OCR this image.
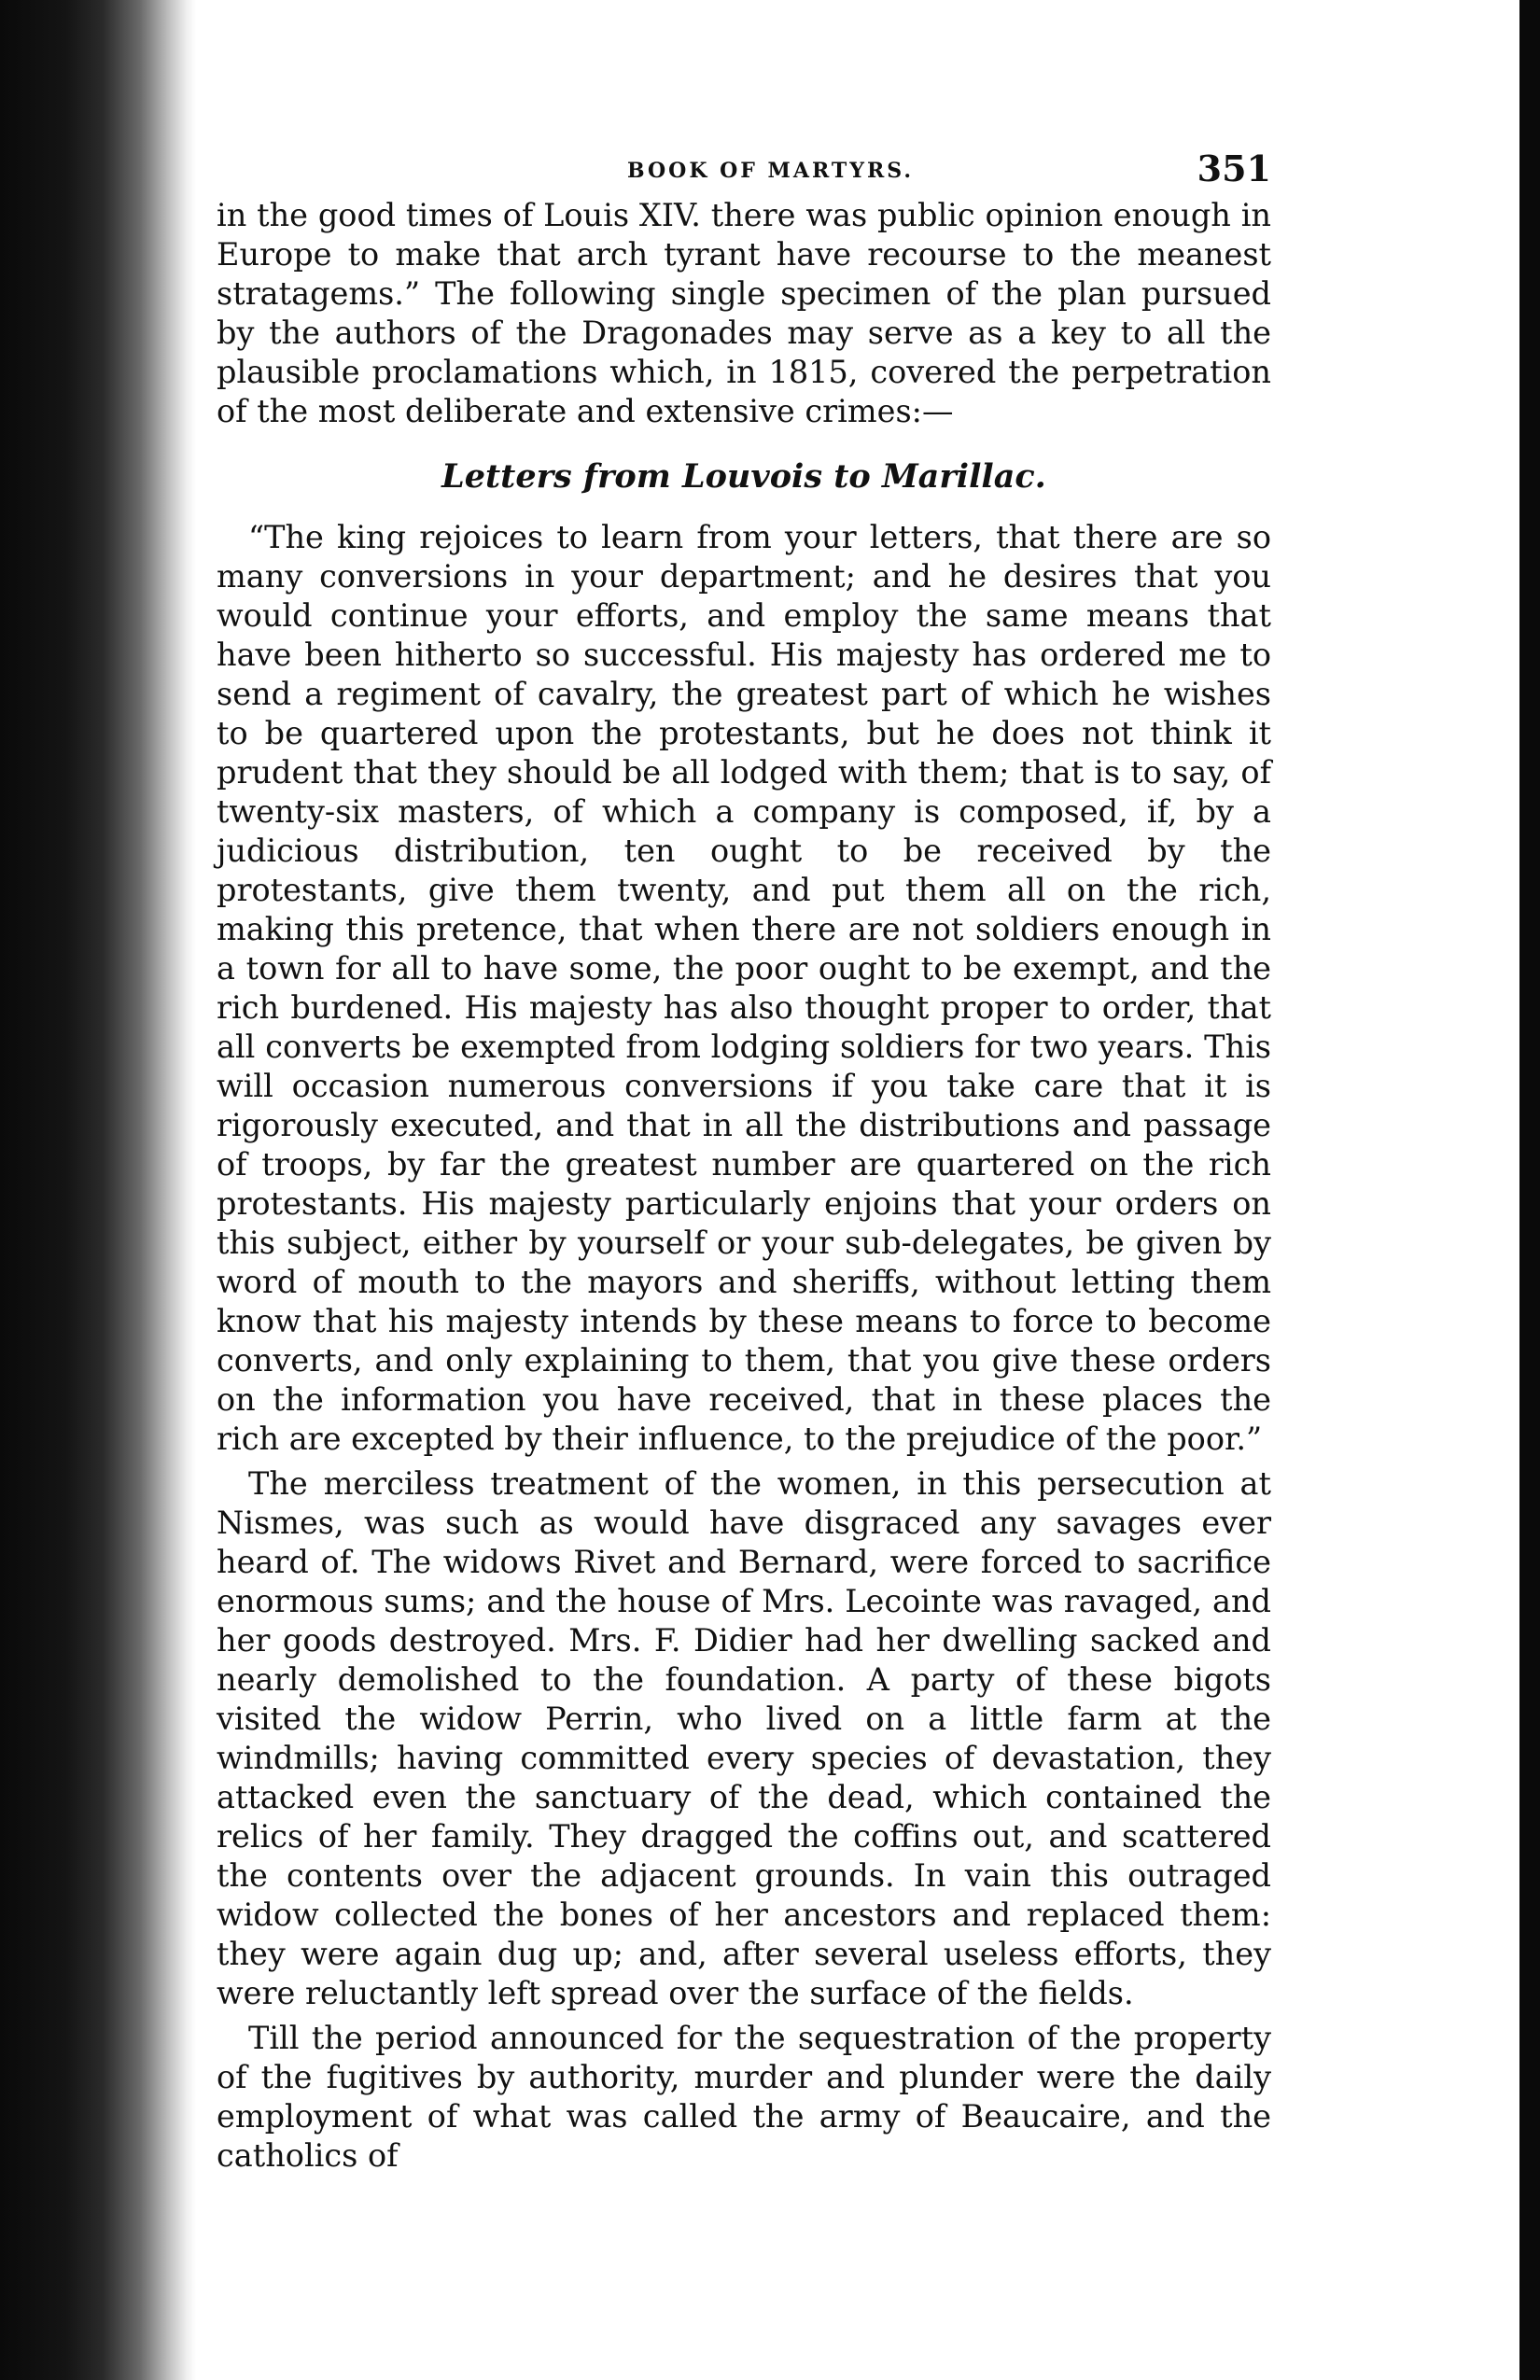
BOOK OF MARTYRS.	351

in the good times of Louis XIV. there was public opinion enough in Europe to make that arch tyrant have recourse to the meanest stratagems.” The following single specimen of the plan pursued by the authors of the Dragonades may serve as a key to all the plausible proclamations which, in 1815, covered the perpetration of the most deliberate and extensive crimes:—

Letters from Louvois to Marillac.

“The king rejoices to learn from your letters, that there are so many conversions in your department; and he desires that you would continue your efforts, and employ the same means that have been hitherto so successful. His majesty has ordered me to send a regiment of cavalry, the greatest part of which he wishes to be quartered upon the protestants, but he does not think it prudent that they should be all lodged with them; that is to say, of twenty-six masters, of which a company is composed, if, by a judicious distribution, ten ought to be received by the protestants, give them twenty, and put them all on the rich, making this pretence, that when there are not soldiers enough in a town for all to have some, the poor ought to be exempt, and the rich burdened. His majesty has also thought proper to order, that all converts be exempted from lodging soldiers for two years. This will occasion numerous conversions if you take care that it is rigorously executed, and that in all the distributions and passage of troops, by far the greatest number are quartered on the rich protestants. His majesty particularly enjoins that your orders on this subject, either by yourself or your sub-delegates, be given by word of mouth to the mayors and sheriffs, without letting them know that his majesty intends by these means to force to become converts, and only explaining to them, that you give these orders on the information you have received, that in these places the rich are excepted by their influence, to the prejudice of the poor.”

The merciless treatment of the women, in this persecution at Nismes, was such as would have disgraced any savages ever heard of. The widows Rivet and Bernard, were forced to sacrifice enormous sums; and the house of Mrs. Lecointe was ravaged, and her goods destroyed. Mrs. F. Didier had her dwelling sacked and nearly demolished to the foundation. A party of these bigots visited the widow Perrin, who lived on a little farm at the windmills; having committed every species of devastation, they attacked even the sanctuary of the dead, which contained the relics of her family. They dragged the coffins out, and scattered the contents over the adjacent grounds. In vain this outraged widow collected the bones of her ancestors and replaced them: they were again dug up; and, after several useless efforts, they were reluctantly left spread over the surface of the fields.

Till the period announced for the sequestration of the property of the fugitives by authority, murder and plunder were the daily employment of what was called the army of Beaucaire, and the catholics of
